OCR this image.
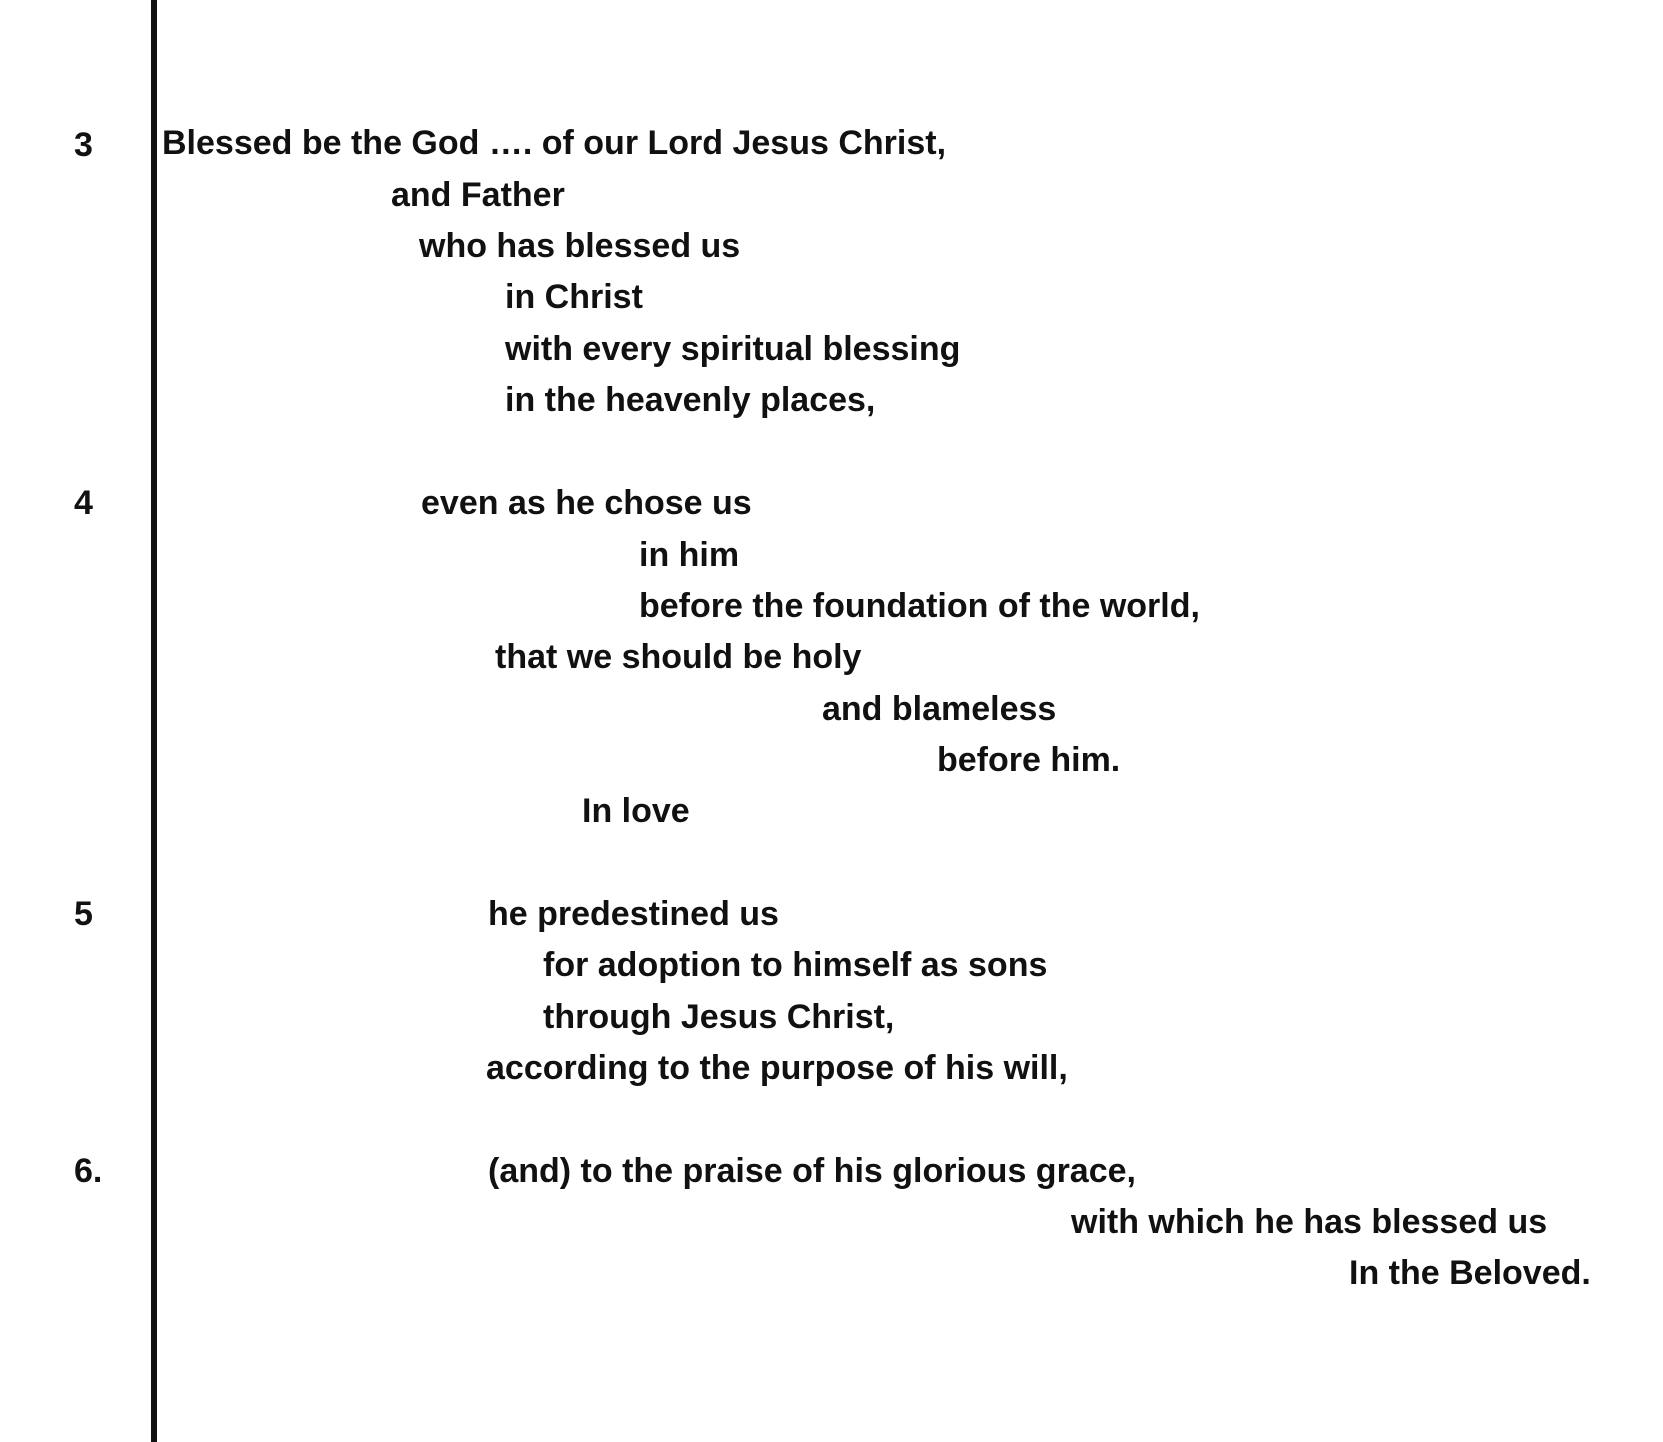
3
4
5
6.
Blessed be the God …. of our Lord Jesus Christ,
and Father
who has blessed us
in Christ
with every spiritual blessing
in the heavenly places,
even as he chose us
in him
before the foundation of the world,
that we should be holy
and blameless
before him.
In love
he predestined us
for adoption to himself as sons
through Jesus Christ,
according to the purpose of his will,
(and) to the praise of his glorious grace,
with which he has blessed us
In the Beloved.
